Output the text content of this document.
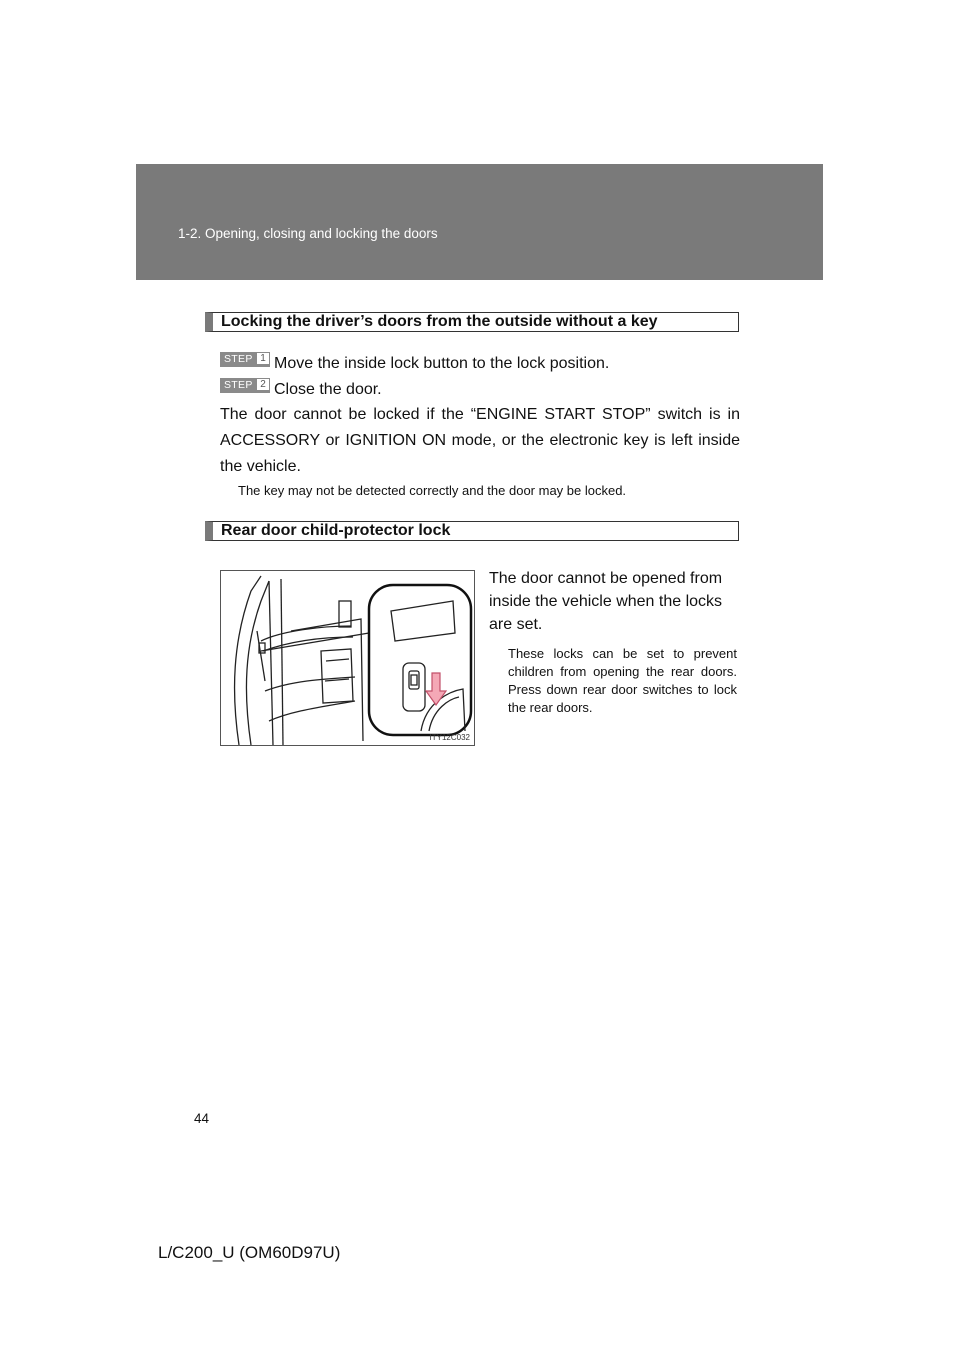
1-2. Opening, closing and locking the doors
Locking the driver’s doors from the outside without a key
STEP 1 Move the inside lock button to the lock position.
STEP 2 Close the door.
The door cannot be locked if the “ENGINE START STOP” switch is in ACCESSORY or IGNITION ON mode, or the electronic key is left inside the vehicle.
The key may not be detected correctly and the door may be locked.
Rear door child-protector lock
ITY12C032
The door cannot be opened from inside the vehicle when the locks are set.
These locks can be set to prevent children from opening the rear doors. Press down rear door switches to lock the rear doors.
44
L/C200_U (OM60D97U)
